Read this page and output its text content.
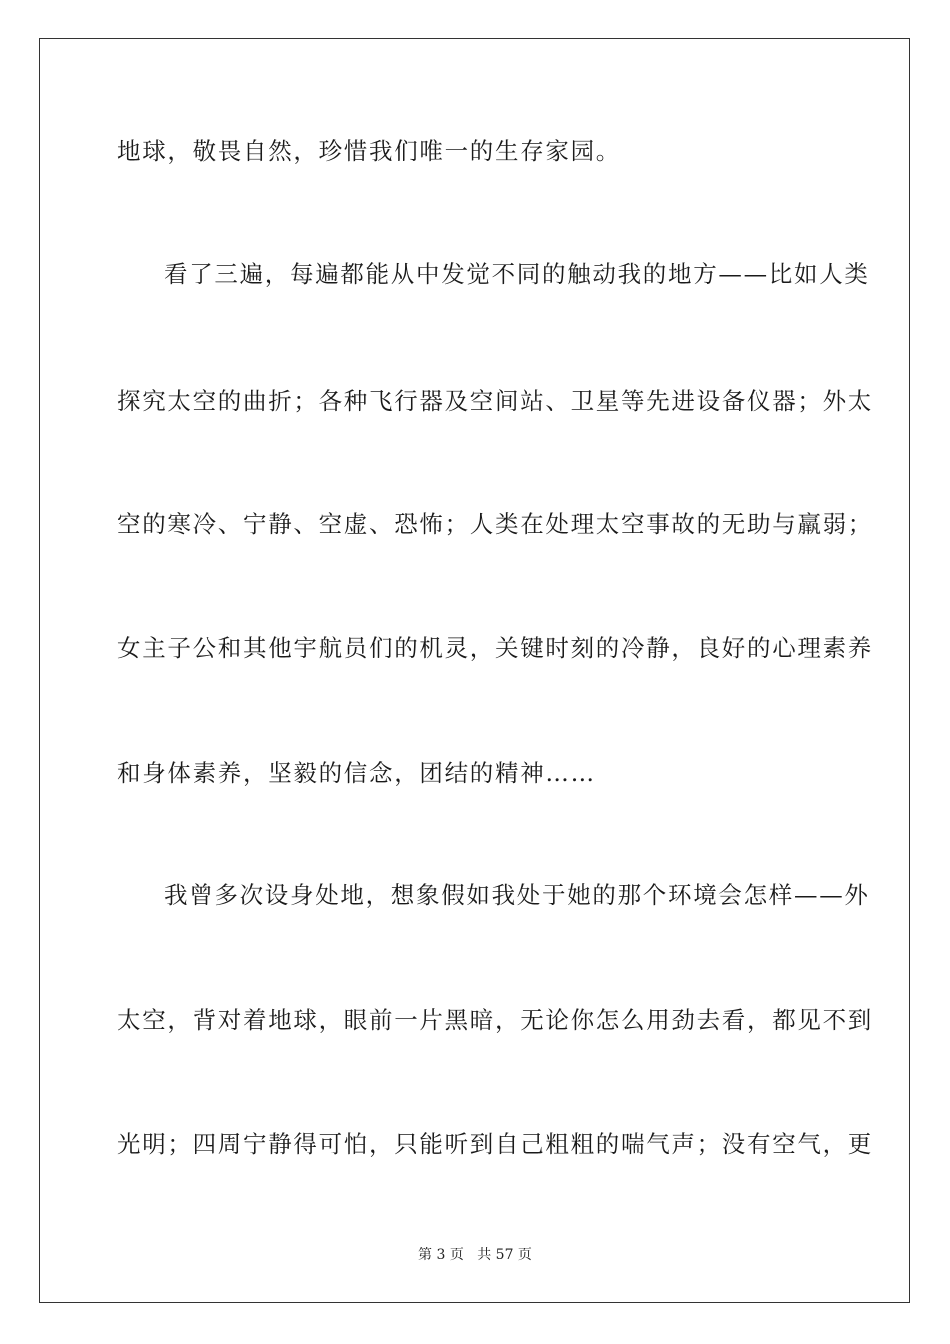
地球，敬畏自然，珍惜我们唯一的生存家园。
看了三遍，每遍都能从中发觉不同的触动我的地方——比如人类
探究太空的曲折；各种飞行器及空间站、卫星等先进设备仪器；外太
空的寒冷、宁静、空虚、恐怖；人类在处理太空事故的无助与羸弱；
女主子公和其他宇航员们的机灵，关键时刻的冷静，良好的心理素养
和身体素养，坚毅的信念，团结的精神……
我曾多次设身处地，想象假如我处于她的那个环境会怎样——外
太空，背对着地球，眼前一片黑暗，无论你怎么用劲去看，都见不到
光明；四周宁静得可怕，只能听到自己粗粗的喘气声；没有空气，更
第 3 页 共 57 页
